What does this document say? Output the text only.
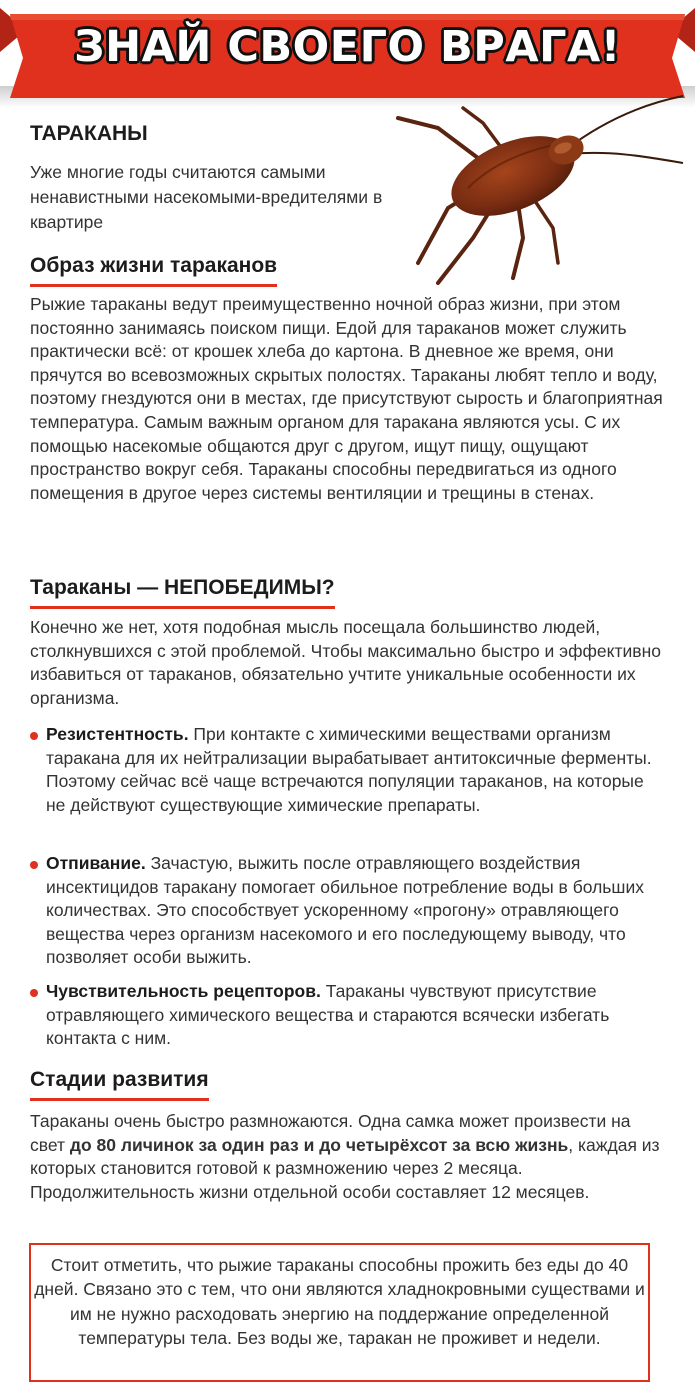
ЗНАЙ СВОЕГО ВРАГА!
ТАРАКАНЫ
Уже многие годы считаются самыми ненавистными насекомыми-вредителями в квартире
Образ жизни тараканов
Рыжие тараканы ведут преимущественно ночной образ жизни, при этом постоянно занимаясь поиском пищи. Едой для тараканов может служить практически всё: от крошек хлеба до картона. В дневное же время, они прячутся во всевозможных скрытых полостях. Тараканы любят тепло и воду, поэтому гнездуются они в местах, где присутствуют сырость и благоприятная температура. Самым важным органом для таракана являются усы. С их помощью насекомые общаются друг с другом, ищут пищу, ощущают пространство вокруг себя. Тараканы способны передвигаться из одного помещения в другое через системы вентиляции и трещины в стенах.
Тараканы — НЕПОБЕДИМЫ?
Конечно же нет, хотя подобная мысль посещала большинство людей, столкнувшихся с этой проблемой. Чтобы максимально быстро и эффективно избавиться от тараканов, обязательно учтите уникальные особенности их организма.
Резистентность. При контакте с химическими веществами организм таракана для их нейтрализации вырабатывает антитоксичные ферменты. Поэтому сейчас всё чаще встречаются популяции тараканов, на которые не действуют существующие химические препараты.
Отпивание. Зачастую, выжить после отравляющего воздействия инсектицидов таракану помогает обильное потребление воды в больших количествах. Это способствует ускоренному «прогону» отравляющего вещества через организм насекомого и его последующему выводу, что позволяет особи выжить.
Чувствительность рецепторов. Тараканы чувствуют присутствие отравляющего химического вещества и стараются всячески избегать контакта с ним.
Стадии развития
Тараканы очень быстро размножаются. Одна самка может произвести на свет до 80 личинок за один раз и до четырёхсот за всю жизнь, каждая из которых становится готовой к размножению через 2 месяца. Продолжительность жизни отдельной особи составляет 12 месяцев.
Стоит отметить, что рыжие тараканы способны прожить без еды до 40 дней. Связано это с тем, что они являются хладнокровными существами и им не нужно расходовать энергию на поддержание определенной температуры тела. Без воды же, таракан не проживет и недели.
